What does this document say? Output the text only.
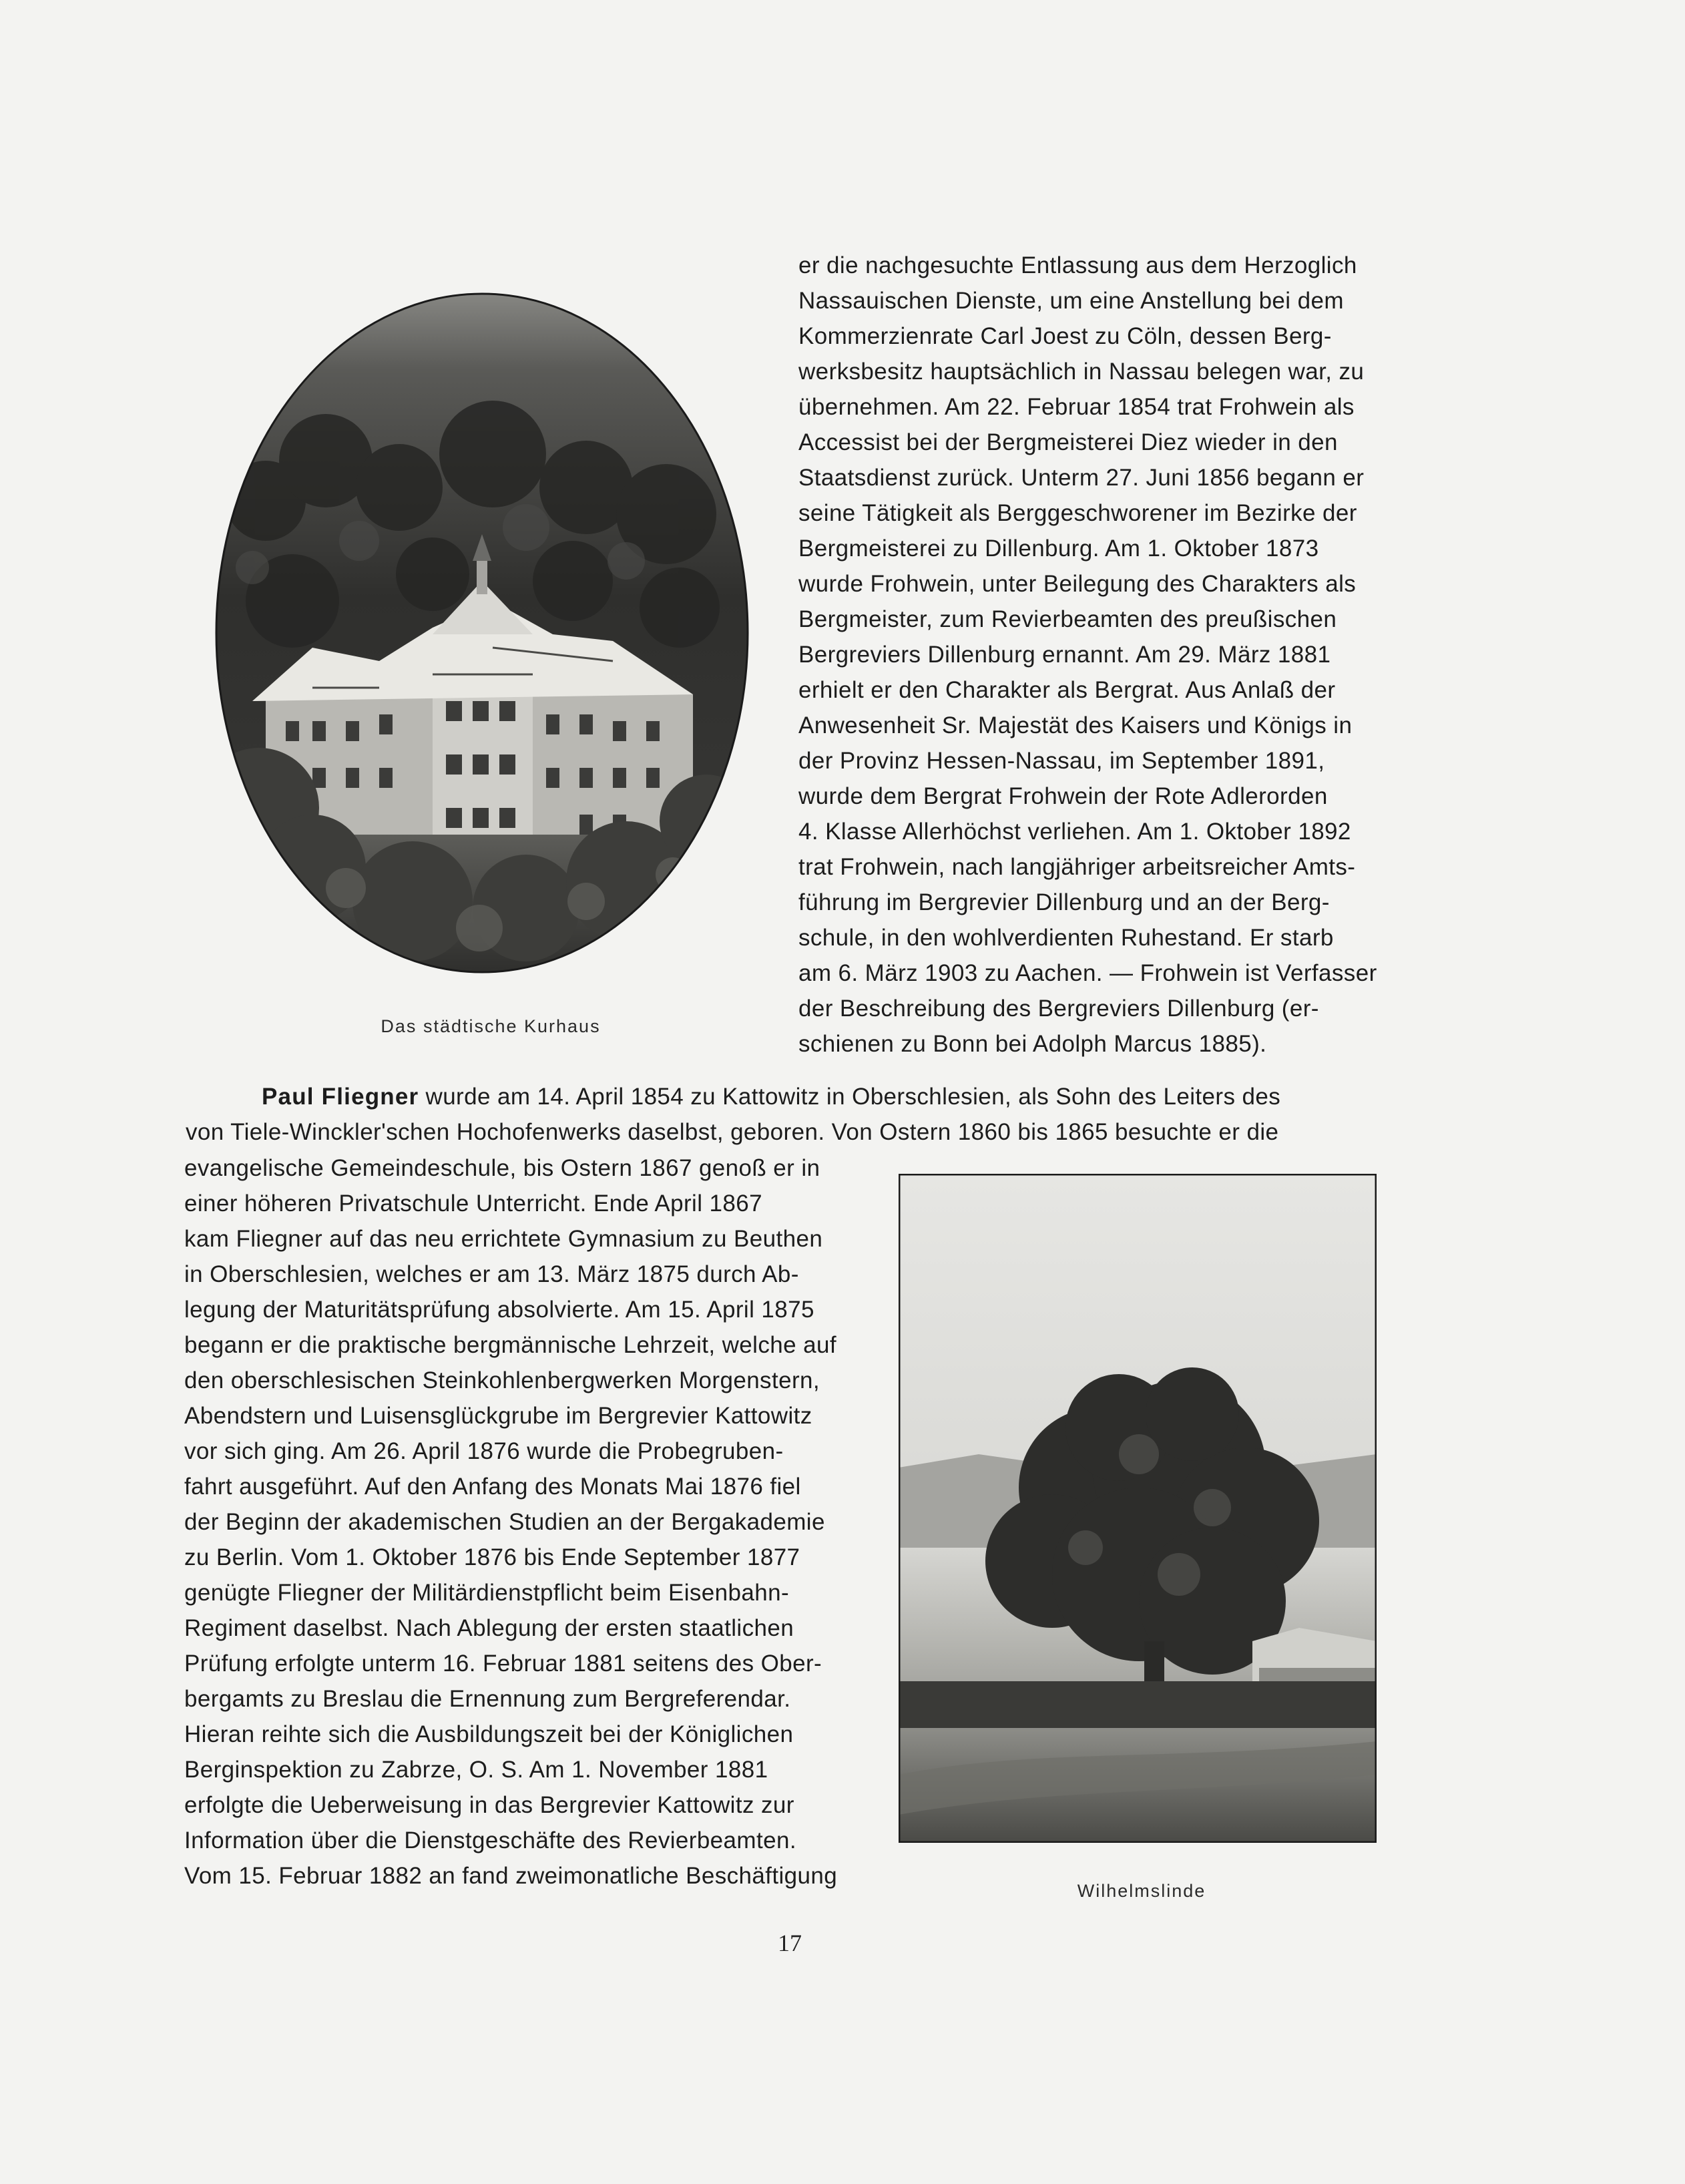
Das städtische Kurhaus
er die nachgesuchte Entlassung aus dem Herzoglich
Nassauischen Dienste, um eine Anstellung bei dem
Kommerzienrate Carl Joest zu Cöln, dessen Berg-
werksbesitz hauptsächlich in Nassau belegen war, zu
übernehmen. Am 22. Februar 1854 trat Frohwein als
Accessist bei der Bergmeisterei Diez wieder in den
Staatsdienst zurück. Unterm 27. Juni 1856 begann er
seine Tätigkeit als Berggeschworener im Bezirke der
Bergmeisterei zu Dillenburg. Am 1. Oktober 1873
wurde Frohwein, unter Beilegung des Charakters als
Bergmeister, zum Revierbeamten des preußischen
Bergreviers Dillenburg ernannt. Am 29. März 1881
erhielt er den Charakter als Bergrat. Aus Anlaß der
Anwesenheit Sr. Majestät des Kaisers und Königs in
der Provinz Hessen-Nassau, im September 1891,
wurde dem Bergrat Frohwein der Rote Adlerorden
4. Klasse Allerhöchst verliehen. Am 1. Oktober 1892
trat Frohwein, nach langjähriger arbeitsreicher Amts-
führung im Bergrevier Dillenburg und an der Berg-
schule, in den wohlverdienten Ruhestand. Er starb
am 6. März 1903 zu Aachen. — Frohwein ist Verfasser
der Beschreibung des Bergreviers Dillenburg (er-
schienen zu Bonn bei Adolph Marcus 1885).
Paul Fliegner wurde am 14. April 1854 zu Kattowitz in Oberschlesien, als Sohn des Leiters des
von Tiele-Winckler'schen Hochofenwerks daselbst, geboren. Von Ostern 1860 bis 1865 besuchte er die
evangelische Gemeindeschule, bis Ostern 1867 genoß er in
einer höheren Privatschule Unterricht. Ende April 1867
kam Fliegner auf das neu errichtete Gymnasium zu Beuthen
in Oberschlesien, welches er am 13. März 1875 durch Ab-
legung der Maturitätsprüfung absolvierte. Am 15. April 1875
begann er die praktische bergmännische Lehrzeit, welche auf
den oberschlesischen Steinkohlenbergwerken Morgenstern,
Abendstern und Luisensglückgrube im Bergrevier Kattowitz
vor sich ging. Am 26. April 1876 wurde die Probegruben-
fahrt ausgeführt. Auf den Anfang des Monats Mai 1876 fiel
der Beginn der akademischen Studien an der Bergakademie
zu Berlin. Vom 1. Oktober 1876 bis Ende September 1877
genügte Fliegner der Militärdienstpflicht beim Eisenbahn-
Regiment daselbst. Nach Ablegung der ersten staatlichen
Prüfung erfolgte unterm 16. Februar 1881 seitens des Ober-
bergamts zu Breslau die Ernennung zum Bergreferendar.
Hieran reihte sich die Ausbildungszeit bei der Königlichen
Berginspektion zu Zabrze, O. S. Am 1. November 1881
erfolgte die Ueberweisung in das Bergrevier Kattowitz zur
Information über die Dienstgeschäfte des Revierbeamten.
Vom 15. Februar 1882 an fand zweimonatliche Beschäftigung
Wilhelmslinde
17
